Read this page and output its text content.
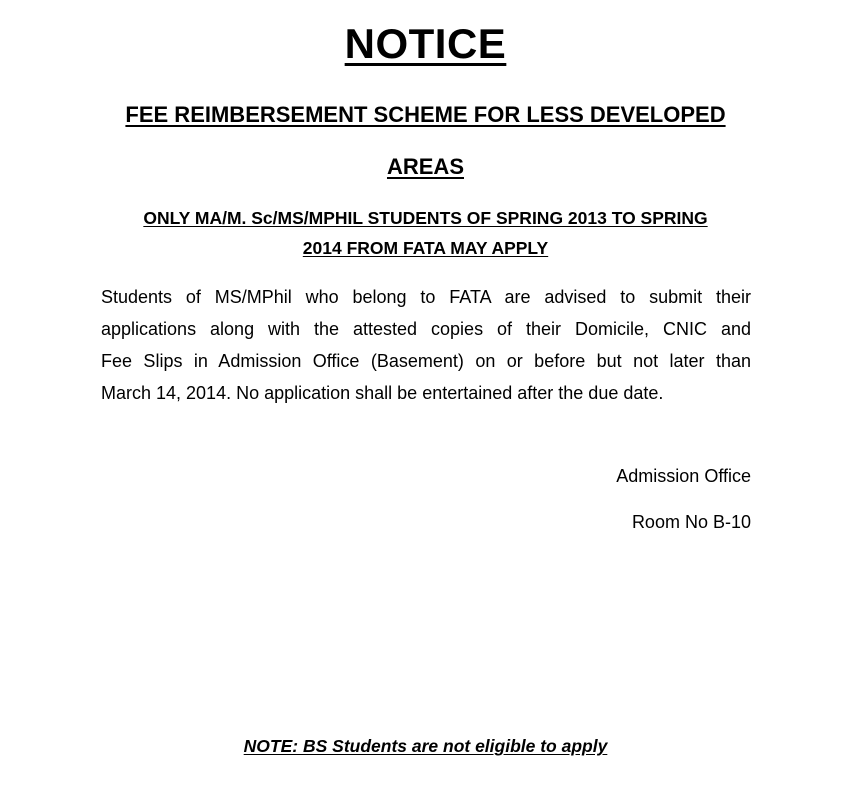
NOTICE
FEE REIMBERSEMENT SCHEME FOR LESS DEVELOPED
AREAS
ONLY MA/M. Sc/MS/MPHIL STUDENTS OF SPRING 2013 TO SPRING
2014 FROM FATA MAY APPLY
Students of MS/MPhil who belong to FATA are advised to submit their
applications along with the attested copies of their Domicile, CNIC and
Fee Slips in Admission Office (Basement) on or before but not later than
March 14, 2014. No application shall be entertained after the due date.
Admission Office
Room No B-10
NOTE: BS Students are not eligible to apply
